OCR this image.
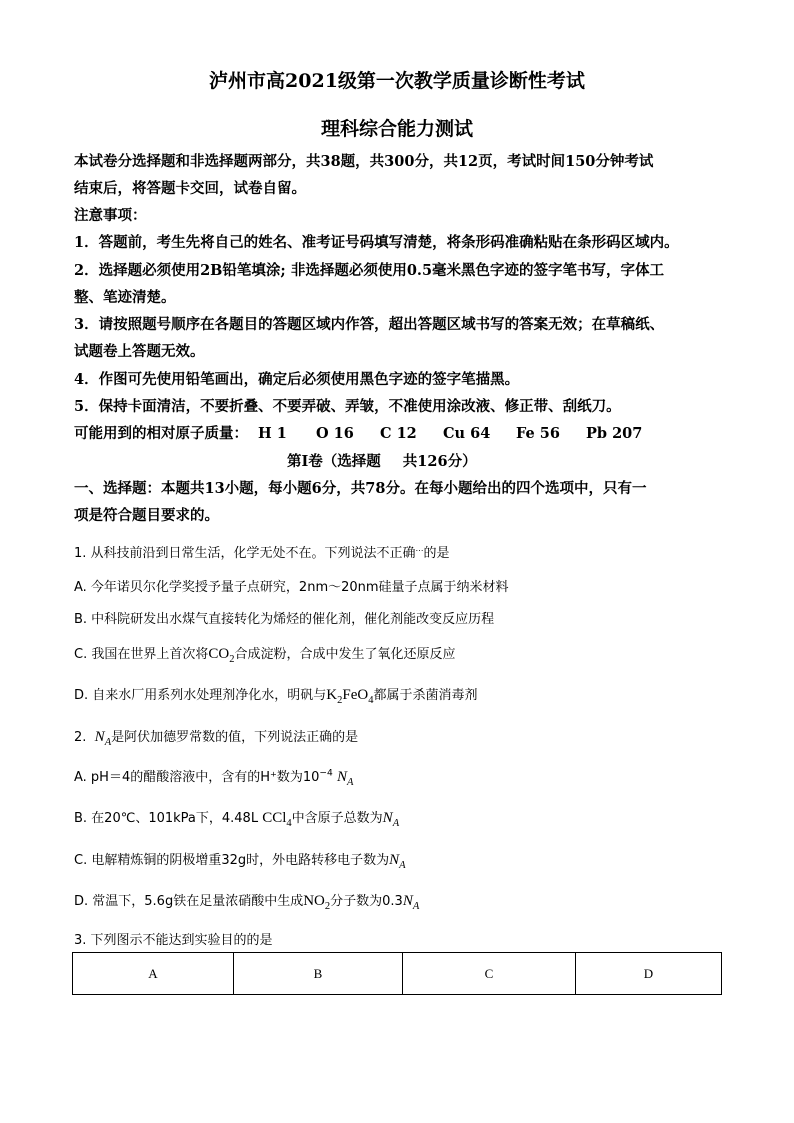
泸州市高2021级第一次教学质量诊断性考试
理科综合能力测试
本试卷分选择题和非选择题两部分，共38题，共300分，共12页，考试时间150分钟考试
结束后，将答题卡交回，试卷自留。
注意事项：
1．答题前，考生先将自己的姓名、准考证号码填写清楚，将条形码准确粘贴在条形码区域内。
2．选择题必须使用2B铅笔填涂; 非选择题必须使用0.5毫米黑色字迹的签字笔书写，字体工
整、笔迹清楚。
3．请按照题号顺序在各题目的答题区域内作答，超出答题区域书写的答案无效；在草稿纸、
试题卷上答题无效。
4．作图可先使用铅笔画出，确定后必须使用黑色字迹的签字笔描黑。
5．保持卡面清洁，不要折叠、不要弄破、弄皱，不准使用涂改液、修正带、刮纸刀。
可能用到的相对原子质量： H 1 O 16 C 12 Cu 64 Fe 56 Pb 207
第I卷（选择题 共126分）
一、选择题：本题共13小题，每小题6分，共78分。在每小题给出的四个选项中，只有一
项是符合题目要求的。
1. 从科技前沿到日常生活，化学无处不在。下列说法不正确…的是
A. 今年诺贝尔化学奖授予量子点研究，2nm～20nm硅量子点属于纳米材料
B. 中科院研发出水煤气直接转化为烯烃的催化剂，催化剂能改变反应历程
C. 我国在世界上首次将$CO_2$合成淀粉，合成中发生了氧化还原反应
D. 自来水厂用系列水处理剂净化水，明矾与$K_2FeO_4$都属于杀菌消毒剂
2. $N_A$是阿伏加德罗常数的值，下列说法正确的是
A. pH＝4的醋酸溶液中，含有的H⁺数为$10^{-4}$ $N_A$
B. 在20℃、101kPa下，4.48L CCl$_4$中含原子总数为$N_A$
C. 电解精炼铜的阴极增重32g时，外电路转移电子数为$N_A$
D. 常温下，5.6g铁在足量浓硝酸中生成$NO_2$分子数为$0.3N_A$
3. 下列图示不能达到实验目的的是
A	B	C	D
